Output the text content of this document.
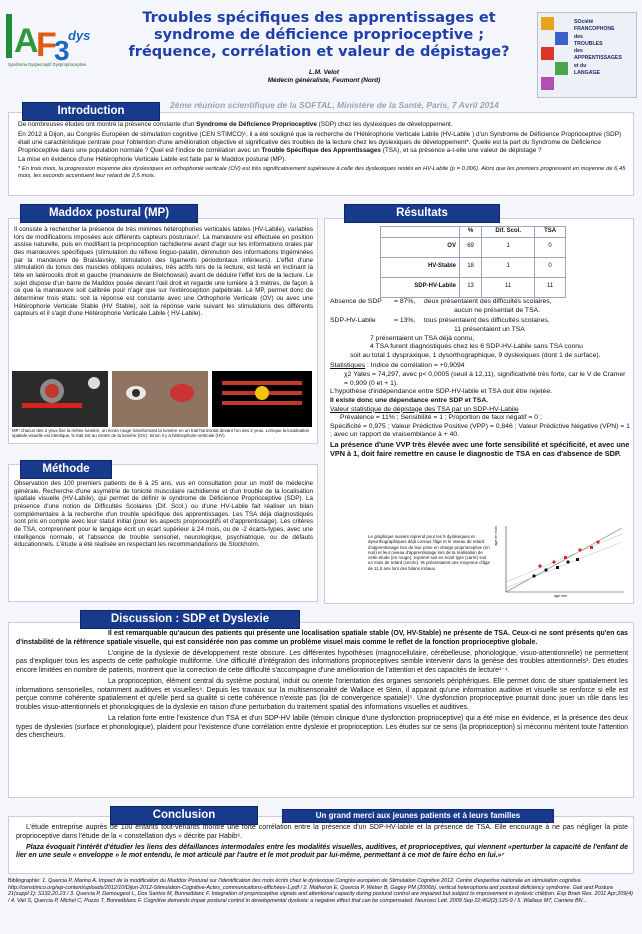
A
F
3
dys
Syndrome Dysperceptif Dysproprioceptive
Troubles spécifiques des apprentissages et
syndrome de déficience proprioceptive ;
fréquence, corrélation et valeur de dépistage?
L.M. Velot
Médecin généraliste, Feumont (Nord)
SOciété
FRANCOPHONE
des
TROUBLES
des
APPRENTISSAGES
et du
LANGAGE
2ème réunion scientifique de la SOFTAL, Ministère de la Santé, Paris, 7 Avril 2014
Introduction

De nombreuses études ont montré la présence constante d'un Syndrome de Déficience Proprioceptive (SDP) chez les dyslexiques de développement.

En 2012 à Dijon, au Congrès Européen de stimulation cognitive (CEN STIMCO)¹, il a été souligné que la recherche de l'Hétérophorie Verticale Labile (HV-Labile ) d'un Syndrome de Déficience Proprioceptive (SDP) était une caractéristique centrale pour l'obtention d'une amélioration objective et significative des troubles de la lecture chez les dyslexiques de développement*. Quelle est la part du Syndrome de Déficience Proprioceptive dans une population normale ? Quel est l'indice de corrélation avec un Trouble Spécifique des Apprentissages (TSA), et sa présence a-t-elle une valeur de dépistage ?

La mise en évidence d'une Hétérophorie Verticale Labile est faite par le Maddox postural (MP).

* En trois mois, la progression moyenne des dyslexiques en orthophonie verticale (OV) est très significativement supérieure à celle des dyslexiques restés en HV-Labile (p = 0,006). Alors que les premiers progressent en moyenne de 6,45 mois, les seconds accentuent leur retard de 2,5 mois.

Maddox postural (MP)
Il consiste à rechercher la présence de très minimes hétérophories verticales labiles (HV-Labile), variables lors de modifications imposées aux différents capteurs posturaux². La manœuvre est effectuée en position assise naturelle, puis en modifiant la proprioception rachidienne avant d'agir sur les informations orales par des manœuvres spécifiques (stimulation du réflexe linguo-palatin, diminution des informations trigéminées par la manœuvre de Braislavsky, stimulation des ligaments périodontaux inférieurs). L'effet d'une stimulation du tonus des muscles obliques oculaires, très actifs lors de la lecture, est testé en inclinant la tête en latérocolis droit et gauche (manœuvre de Bielchowski) avant de déduire l'effet lors de la lecture. Le sujet dispose d'un barre de Maddox posée devant l'œil droit et regarde une lumière à 3 mètres, de façon à ce que la manœuvre soit calibrée pour n'agir que sur l'extéroception palpébrale. Le MP, permet donc de déterminer trois états: soit la réponse est constante avec une Orthophorie Verticale (OV) ou avec une Hétérophorie Verticale Stable (HV Stable), soit la réponse varie suivant les stimulations des différents capteurs et il s'agit d'une Hétérophorie Verticale Labile ( HV-Labile).
MP: chacun des 2 yeux fixe la même lumière, un écran rouge transformant la lumière en un trait horizontal devant l'un des 2 yeux. Lorsque la localisation spatiale visuelle est identique, le trait est au centre de la lumière (OV). Sinon il y a hétérophorie verticale (HV)
Méthode
Observation des 100 premiers patients de 6 à 25 ans, vus en consultation pour un motif de médecine générale. Recherche d'une asymétrie de tonicité musculaire rachidienne et d'un trouble de la localisation spatiale visuelle (HV-Labile), qui permet de définir le syndrome de Déficience Proprioceptive (SDP). La présence d'une notion de Difficultés Scolaires (Dif. Scol.) ou d'une HV-Labile fait réaliser un bilan complémentaire à la recherche d'un trouble spécifique des apprentissages. Les TSA déjà diagnostiqués sont pris en compte avec leur statut initial (pour les aspects proprioceptifs et d'apprentissage). Les critères de TSA, comprennent pour le langage écrit un écart supérieur à 24 mois, ou de -2 écarts-types, avec une intelligence normale, et l'absence de trouble sensoriel, neurologique, psychiatrique, ou de défauts éducationnels. L'étude a été réalisée en respectant les recommandations de Stockholm.
Résultats
	%	Dif. Scol.	TSA
OV	69	1	0
HV-Stable	18	1	0
SDP-HV-Labile	13	11	11
Absence de SDP	= 87%,	deux présentaient des difficultés scolaires,
aucun ne présentait de TSA.
SDP-HV-Labile	= 13%,	tous présentaient des difficultés scolaires,
11 présentaient un TSA
7 présentaient un TSA déjà connu,
4 TSA furent diagnostiqués chez les 6 SDP-HV-Labile sans TSA connu
soit au total 1 dyspraxique, 1 dysorthographique, 9 dyslexiques (dont 1 de surface).
Statistiques : Indice de corrélation = +0,9094
χ2 Yates = 74,297, avec p< 0,0005 (seuil à 12,11), significativité très forte, car le V de Cramer = 0,909 (0 et + 1).
L'hypothèse d'indépendance entre SDP-HV-labile et TSA doit être rejetée.
Il existe donc une dépendance entre SDP et TSA.
Valeur statistique de dépistage des TSA par un SDP-HV-Labile
Prévalence = 11% ; Sensibilité = 1 ; Proportion de faux négatif = 0 ;
Spécificité = 0,975 ; Valeur Prédictive Positive (VPP) = 0,846 ; Valeur Prédictive Négative (VPN) = 1 ; avec un rapport de vraisemblance à + 40.
La présence d'une VVP très élevée avec une forte sensibilité et spécificité, et avec une VPN à 1, doit faire remettre en cause le diagnostic de TSA en cas d'absence de SDP.
Le graphique suivant reprend pour les 9 dyslexiques et dysorthographiques déjà connus l'âge et le niveau de retard d'apprentissage lors de leur prise en charge proprioceptive (en noir) et leur niveau d'apprentissage lors de la réalisation de cette étude (en rouge), exprimé soit en écart type (carré) soit en mois de retard (cercle). Ils présentaient une moyenne d'âge de 11,5 ans lors des bilans initiaux.
âge en mois
âge réel
Discussion : SDP et Dyslexie

Il est remarquable qu'aucun des patients qui présente une localisation spatiale stable (OV, HV-Stable) ne présente de TSA. Ceux-ci ne sont présents qu'en cas d'instabilité de la référence spatiale visuelle, qui est considérée non pas comme un problème visuel mais comme le reflet de la fonction proprioceptive globale.

L'origine de la dyslexie de développement reste obscure. Les différentes hypothèses (magnocellulaire, cérébelleuse, phonologique, visuo-attentionnelle) ne permettent pas d'expliquer tous les aspects de cette pathologie multiforme. Une difficulté d'intégration des informations proprioceptives semble intervenir dans la genèse des troubles attentionnels³. Des études encore limitées en nombre de patients, montrent que la correction de cette difficulté s'accompagne d'une amélioration de l'attention et des capacités de lecture¹⁻⁴.

La proprioception, élément central du système postural, induit ou oriente l'orientation des organes sensoriels périphériques. Elle permet donc de situer spatialement les informations sensorielles, notamment auditives et visuelles⁴. Depuis les travaux sur la multisensorialité de Wallace et Stein, il apparait qu'une information auditive et visuelle se renforce si elle est perçue comme cohérente spatialement et qu'elle perd sa qualité si cette cohérence n'existe pas (loi de convergence spatiale)⁵. Une dysfonction proprioceptive pourrait donc jouer un rôle dans les troubles visuo-attentionnels et phonologiques de la dyslexie en raison d'une perturbation du traitement spatial des informations visuelles et auditives.

La relation forte entre l'existence d'un TSA et d'un SDP-HV labile (témoin clinique d'une dysfonction proprioceptive) qui a été mise en évidence, et la présence des deux types de dyslexies (surface et phonologique), plaident pour l'existence d'une corrélation entre dyslexie et proprioception. Les études sur ce sens (la proprioception) si méconnu méritent toute l'attention des chercheurs.

Conclusion	Un grand merci aux jeunes patients et à leurs familles

L'étude entreprise auprès de 100 enfants tout-venants montre une forte corrélation entre la présence d'un SDP-HV-labile et la présence de TSA. Elle encourage à ne pas négliger la piste proprioceptive dans l'étude de la « constellation dys » décrite par Habib⁶.

Plaza évoquait l'intérêt d'étudier les liens des défaillances intermodales entre les modalités visuelles, auditives, et proprioceptives, qui viennent «perturber la capacité de l'enfant de lier en une seule « enveloppe » le mot entendu, le mot articulé par l'autre et le mot produit par lui-même, permettant à ce mot de faire écho en lui.»⁷

Bibliographie: 1. Quercia P, Marino A. Impact de la modification du Maddox Postural sur l'identification des mots écrits chez le dyslexique.Congrès européen de Stimulation Cognitive 2012. Centre d'expertise nationale en stimulation cognitive. http://censtimco.org/wp-content/uploads/2012/10/Dijon-2012-Stimulation-Cognitive-Actes_communications-affichées-1.pdf / 2. Matheron E, Quercia P, Weber B, Gagey PM (2006b). vertical heterophoria and postural deficiency syndrome. Gait and Posture 21(suppl 1): S132,20.23 / 3. Quercia P, Demougeot L, Dos Santos M, Bonnetblanc F. Integration of proprioceptive signals and attentional capacity during postural control are impaired but subject to improvement in dyslexic children. Exp Brain Res. 2011 Apr;209(4) / 4. Viel S, Quercia P, Michel C, Pozzo T, Bonnetblanc F. Cognitive demands impair postural control in developmental dyslexia: a negative effect that can be compensated. Neurosci Lett. 2009 Sep 22;462(2):125-9 / 5. Wallace MT, Carriere BN...
